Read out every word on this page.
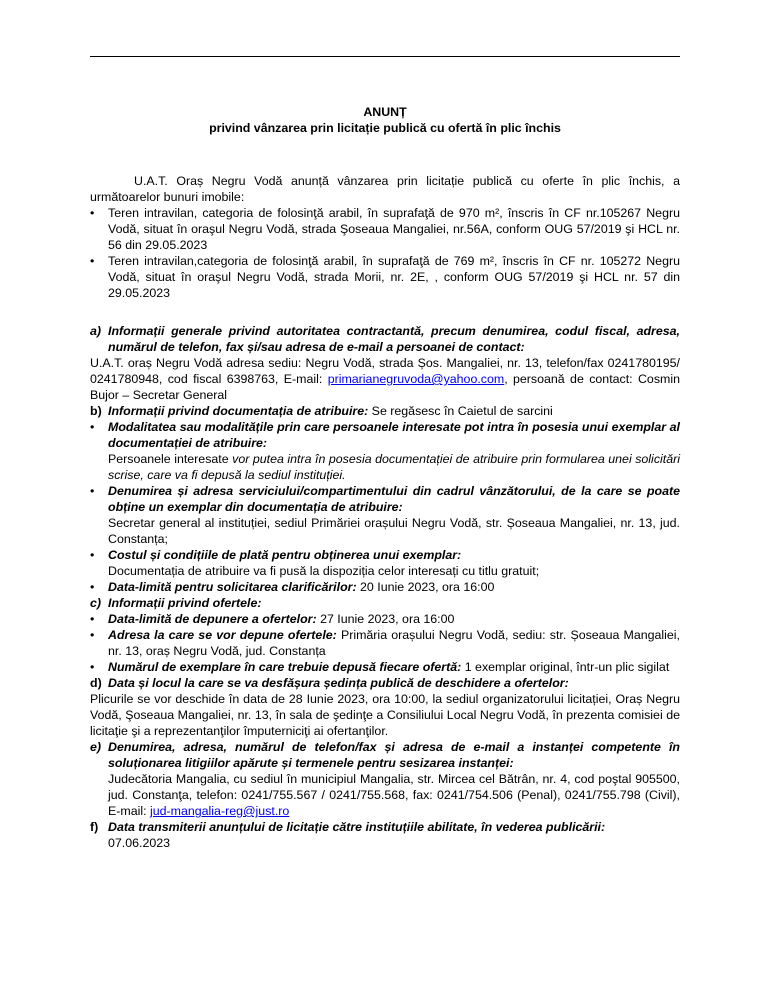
ANUNȚ
privind vânzarea prin licitație publică cu ofertă în plic închis

U.A.T. Oraș Negru Vodă anunță vânzarea prin licitație publică cu oferte în plic închis, a următoarelor bunuri imobile:

• Teren intravilan, categoria de folosinţă arabil, în suprafaţă de 970 m², înscris în CF nr.105267 Negru Vodă, situat în oraşul Negru Vodă, strada Şoseaua Mangaliei, nr.56A, conform OUG 57/2019 şi HCL nr. 56 din 29.05.2023
• Teren intravilan,categoria de folosinţă arabil, în suprafaţă de 769 m², înscris în CF nr. 105272 Negru Vodă, situat în oraşul Negru Vodă, strada Morii, nr. 2E, , conform OUG 57/2019 şi HCL nr. 57 din 29.05.2023
a) Informații generale privind autoritatea contractantă, precum denumirea, codul fiscal, adresa, numărul de telefon, fax și/sau adresa de e-mail a persoanei de contact:

U.A.T. oraș Negru Vodă adresa sediu: Negru Vodă, strada Șos. Mangaliei, nr. 13, telefon/fax 0241780195/ 0241780948, cod fiscal 6398763, E-mail: primarianegruvoda@yahoo.com, persoană de contact: Cosmin Bujor – Secretar General

b) Informații privind documentația de atribuire: Se regăsesc în Caietul de sarcini
• Modalitatea sau modalitățile prin care persoanele interesate pot intra în posesia unui exemplar al documentației de atribuire:
Persoanele interesate vor putea intra în posesia documentației de atribuire prin formularea unei solicitări scrise, care va fi depusă la sediul instituției.
• Denumirea și adresa serviciului/compartimentului din cadrul vânzătorului, de la care se poate obține un exemplar din documentația de atribuire:
Secretar general al instituției, sediul Primăriei orașului Negru Vodă, str. Șoseaua Mangaliei, nr. 13, jud. Constanța;
• Costul și condițiile de plată pentru obținerea unui exemplar:
Documentația de atribuire va fi pusă la dispoziția celor interesați cu titlu gratuit;
• Data-limită pentru solicitarea clarificărilor: 20 Iunie 2023, ora 16:00
c) Informații privind ofertele:
• Data-limită de depunere a ofertelor: 27 Iunie 2023, ora 16:00
• Adresa la care se vor depune ofertele: Primăria orașului Negru Vodă, sediu: str. Șoseaua Mangaliei, nr. 13, oraș Negru Vodă, jud. Constanța
• Numărul de exemplare în care trebuie depusă fiecare ofertă: 1 exemplar original, într-un plic sigilat
d) Data și locul la care se va desfășura ședința publică de deschidere a ofertelor:

Plicurile se vor deschide în data de 28 Iunie 2023, ora 10:00, la sediul organizatorului licitației, Oraș Negru Vodă, Şoseaua Mangaliei, nr. 13, în sala de şedinţe a Consiliului Local Negru Vodă, în prezenta comisiei de licitaţie şi a reprezentanţilor împuterniciţi ai ofertanţilor.

e) Denumirea, adresa, numărul de telefon/fax și adresa de e-mail a instanței competente în soluționarea litigiilor apărute și termenele pentru sesizarea instanței:
Judecătoria Mangalia, cu sediul în municipiul Mangalia, str. Mircea cel Bătrân, nr. 4, cod poştal 905500, jud. Constanţa, telefon: 0241/755.567 / 0241/755.568, fax: 0241/754.506 (Penal), 0241/755.798 (Civil), E-mail: jud-mangalia-reg@just.ro
f) Data transmiterii anunțului de licitație către instituțiile abilitate, în vederea publicării:
07.06.2023
